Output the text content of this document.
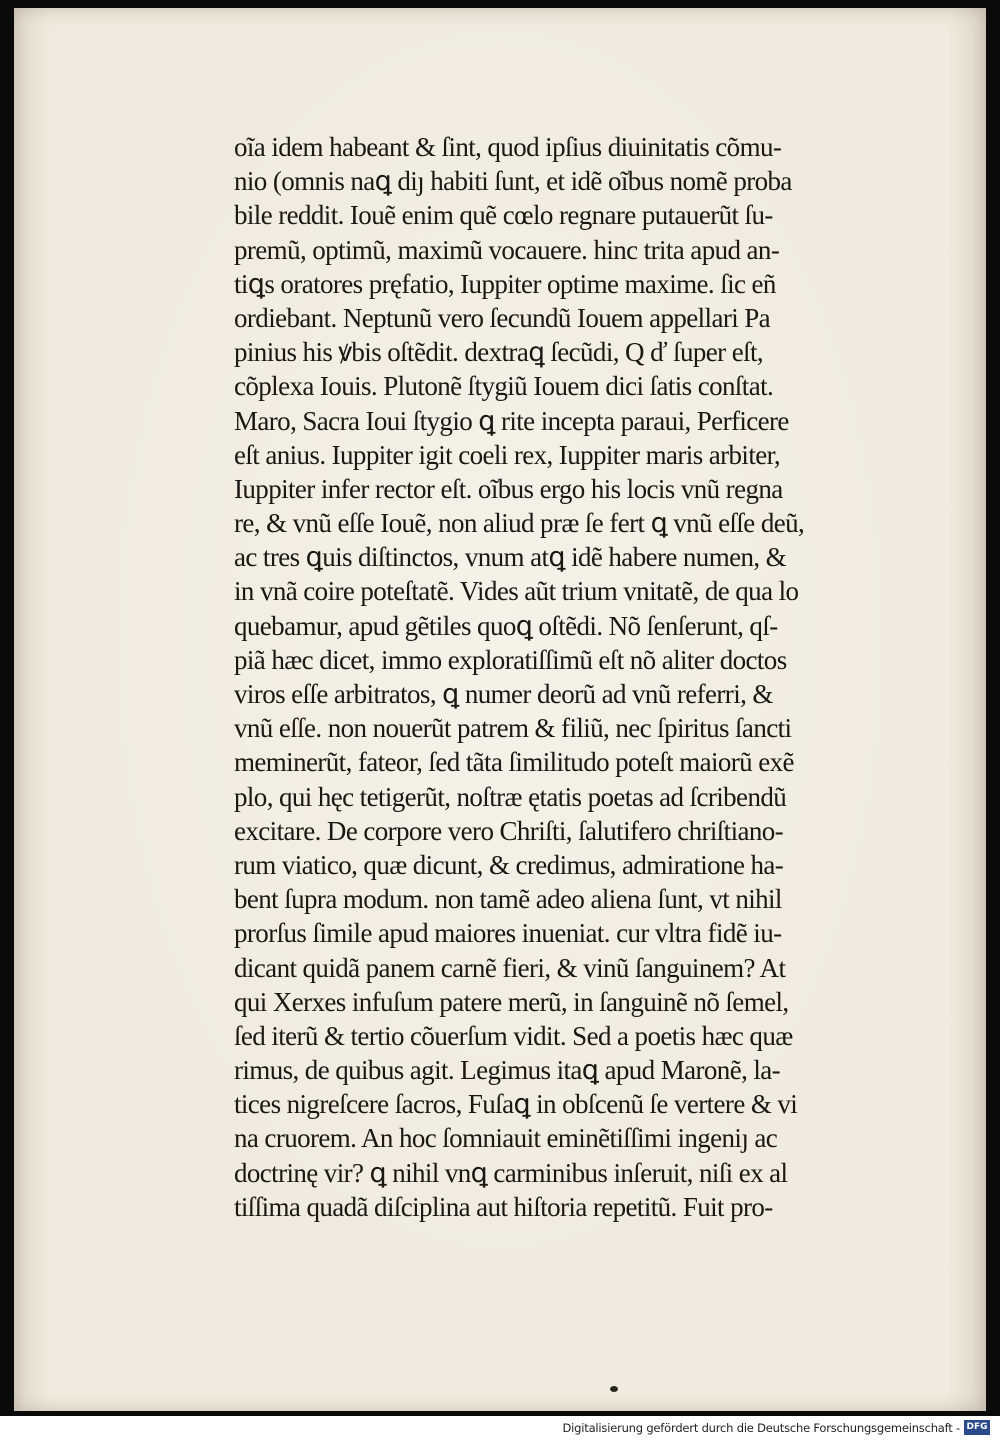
oĩa idem habeant & ſint, quod ipſius diuinitatis cõmu-
nio (omnis naꝗ diȷ habiti ſunt, et idẽ oĩbus nomẽ proba
bile reddit. Iouẽ enim quẽ cœlo regnare putauerũt ſu-
premũ, optimũ, maximũ vocauere. hinc trita apud an-
tiꝗs oratores pręfatio, Iuppiter optime maxime. ſic eñ
ordiebant. Neptunũ vero ſecundũ Iouem appellari Pa
pinius his ꝟbis oſtẽdit. dextraꝗ ſecũdi, Q ď ſuper eſt,
cõplexa Iouis. Plutonẽ ſtygiũ Iouem dici ſatis conſtat.
Maro, Sacra Ioui ſtygio ꝗ rite incepta paraui, Perficere
eſt anius. Iuppiter igit coeli rex, Iuppiter maris arbiter,
Iuppiter infer rector eſt. oĩbus ergo his locis vnũ regna
re, & vnũ eſſe Iouẽ, non aliud præ ſe fert ꝗ vnũ eſſe deũ,
ac tres ꝗuis diſtinctos, vnum atꝗ idẽ habere numen, &
in vnã coire poteſtatẽ. Vides aũt trium vnitatẽ, de qua lo
quebamur, apud gẽtiles quoꝗ oſtẽdi. Nõ ſenſerunt, qſ-
piã hæc dicet, immo exploratiſſimũ eſt nõ aliter doctos
viros eſſe arbitratos, ꝗ numer deorũ ad vnũ referri, &
vnũ eſſe. non nouerũt patrem & filiũ, nec ſpiritus ſancti
meminerũt, fateor, ſed tãta ſimilitudo poteſt maiorũ exẽ
plo, qui hęc tetigerũt, noſtræ ętatis poetas ad ſcribendũ
excitare. De corpore vero Chriſti, ſalutifero chriſtiano-
rum viatico, quæ dicunt, & credimus, admiratione ha-
bent ſupra modum. non tamẽ adeo aliena ſunt, vt nihil
prorſus ſimile apud maiores inueniat. cur vltra fidẽ iu-
dicant quidã panem carnẽ fieri, & vinũ ſanguinem? At
qui Xerxes infuſum patere merũ, in ſanguinẽ nõ ſemel,
ſed iterũ & tertio cõuerſum vidit. Sed a poetis hæc quæ
rimus, de quibus agit. Legimus itaꝗ apud Maronẽ, la-
tices nigreſcere ſacros, Fuſaꝗ in obſcenũ ſe vertere & vi
na cruorem. An hoc ſomniauit eminẽtiſſimi ingeniȷ ac
doctrinę vir? ꝗ nihil vnꝗ carminibus inſeruit, niſi ex al
tiſſima quadã diſciplina aut hiſtoria repetitũ. Fuit pro-
Digitalisierung gefördert durch die Deutsche Forschungsgemeinschaft - DFG
